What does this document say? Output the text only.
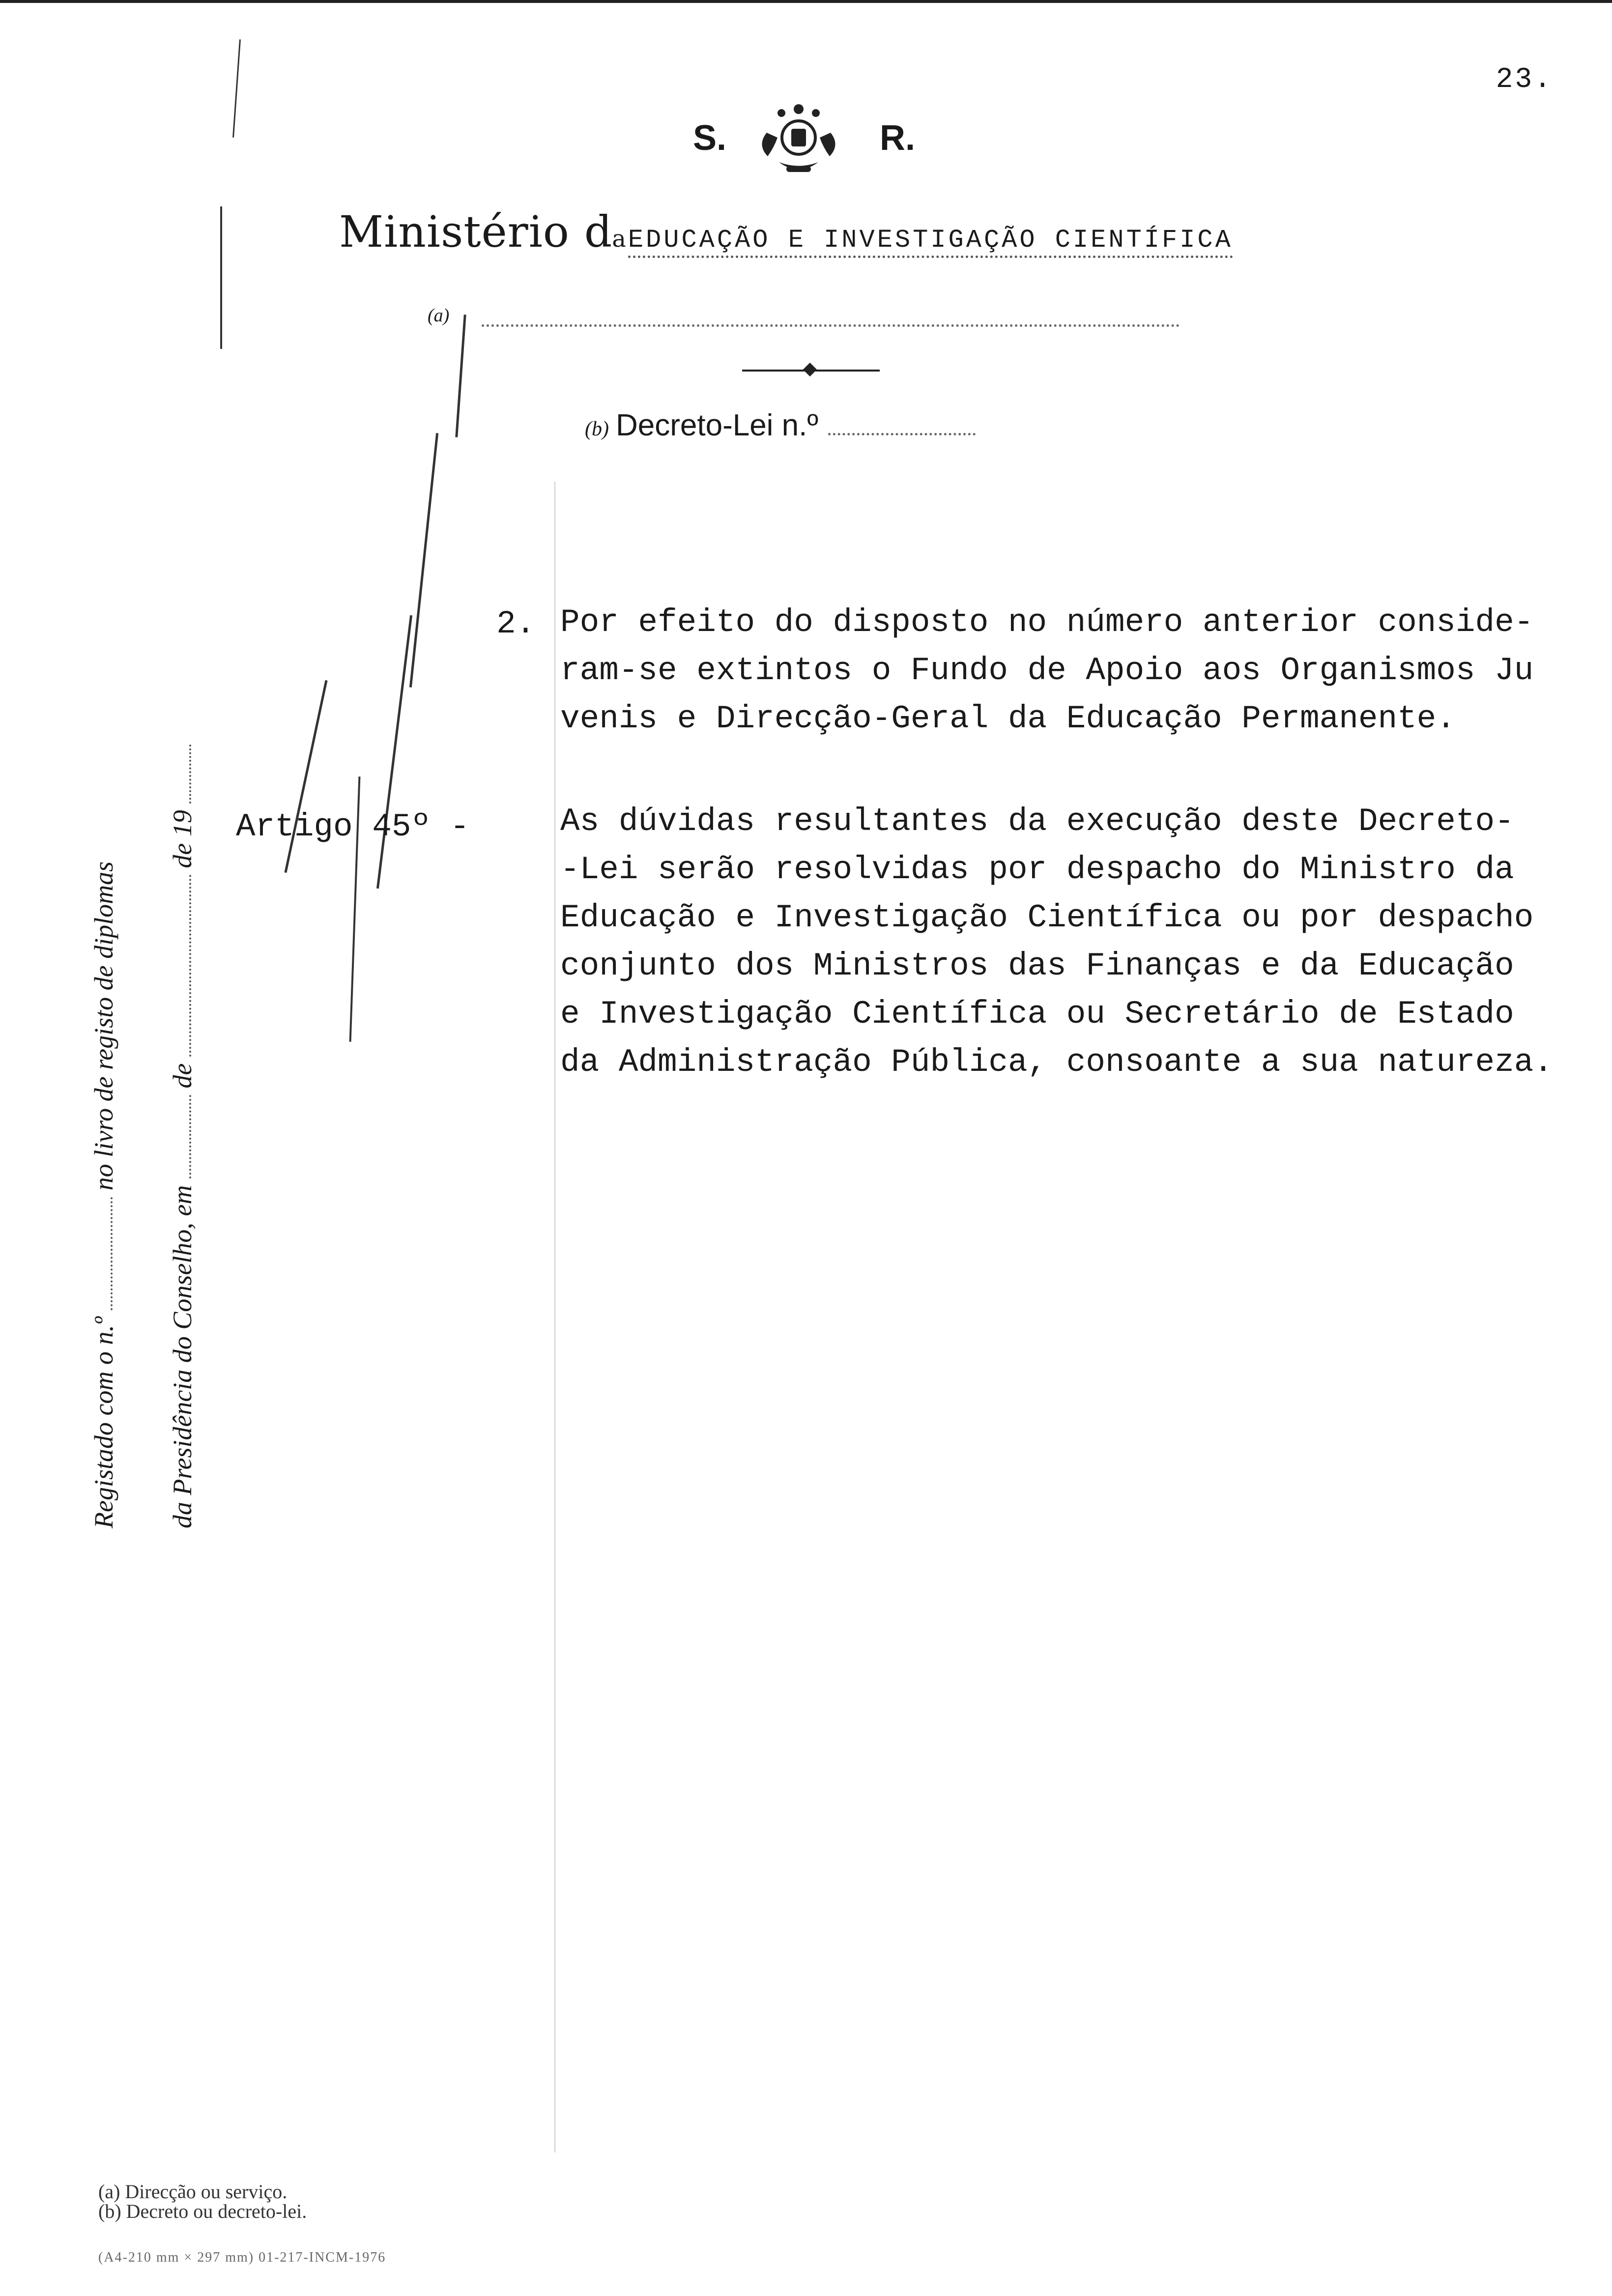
23.
S.	R.
Ministério daEDUCAÇÃO E INVESTIGAÇÃO CIENTÍFICA
(a)
(b) Decreto-Lei n.º
Registado com o n.º  no livro de registo de diplomas
da Presidência do Conselho, em  de  de 19
2. Por efeito do disposto no número anterior conside-
ram-se extintos o Fundo de Apoio aos Organismos Ju
venis e Direcção-Geral da Educação Permanente.
Artigo 45º -	As dúvidas resultantes da execução deste Decreto-
-Lei serão resolvidas por despacho do Ministro da
Educação e Investigação Científica ou por despacho
conjunto dos Ministros das Finanças e da Educação
e Investigação Científica ou Secretário de Estado
da Administração Pública, consoante a sua natureza.
(a) Direcção ou serviço.
(b) Decreto ou decreto-lei.
(A4-210 mm × 297 mm) 01-217-INCM-1976
